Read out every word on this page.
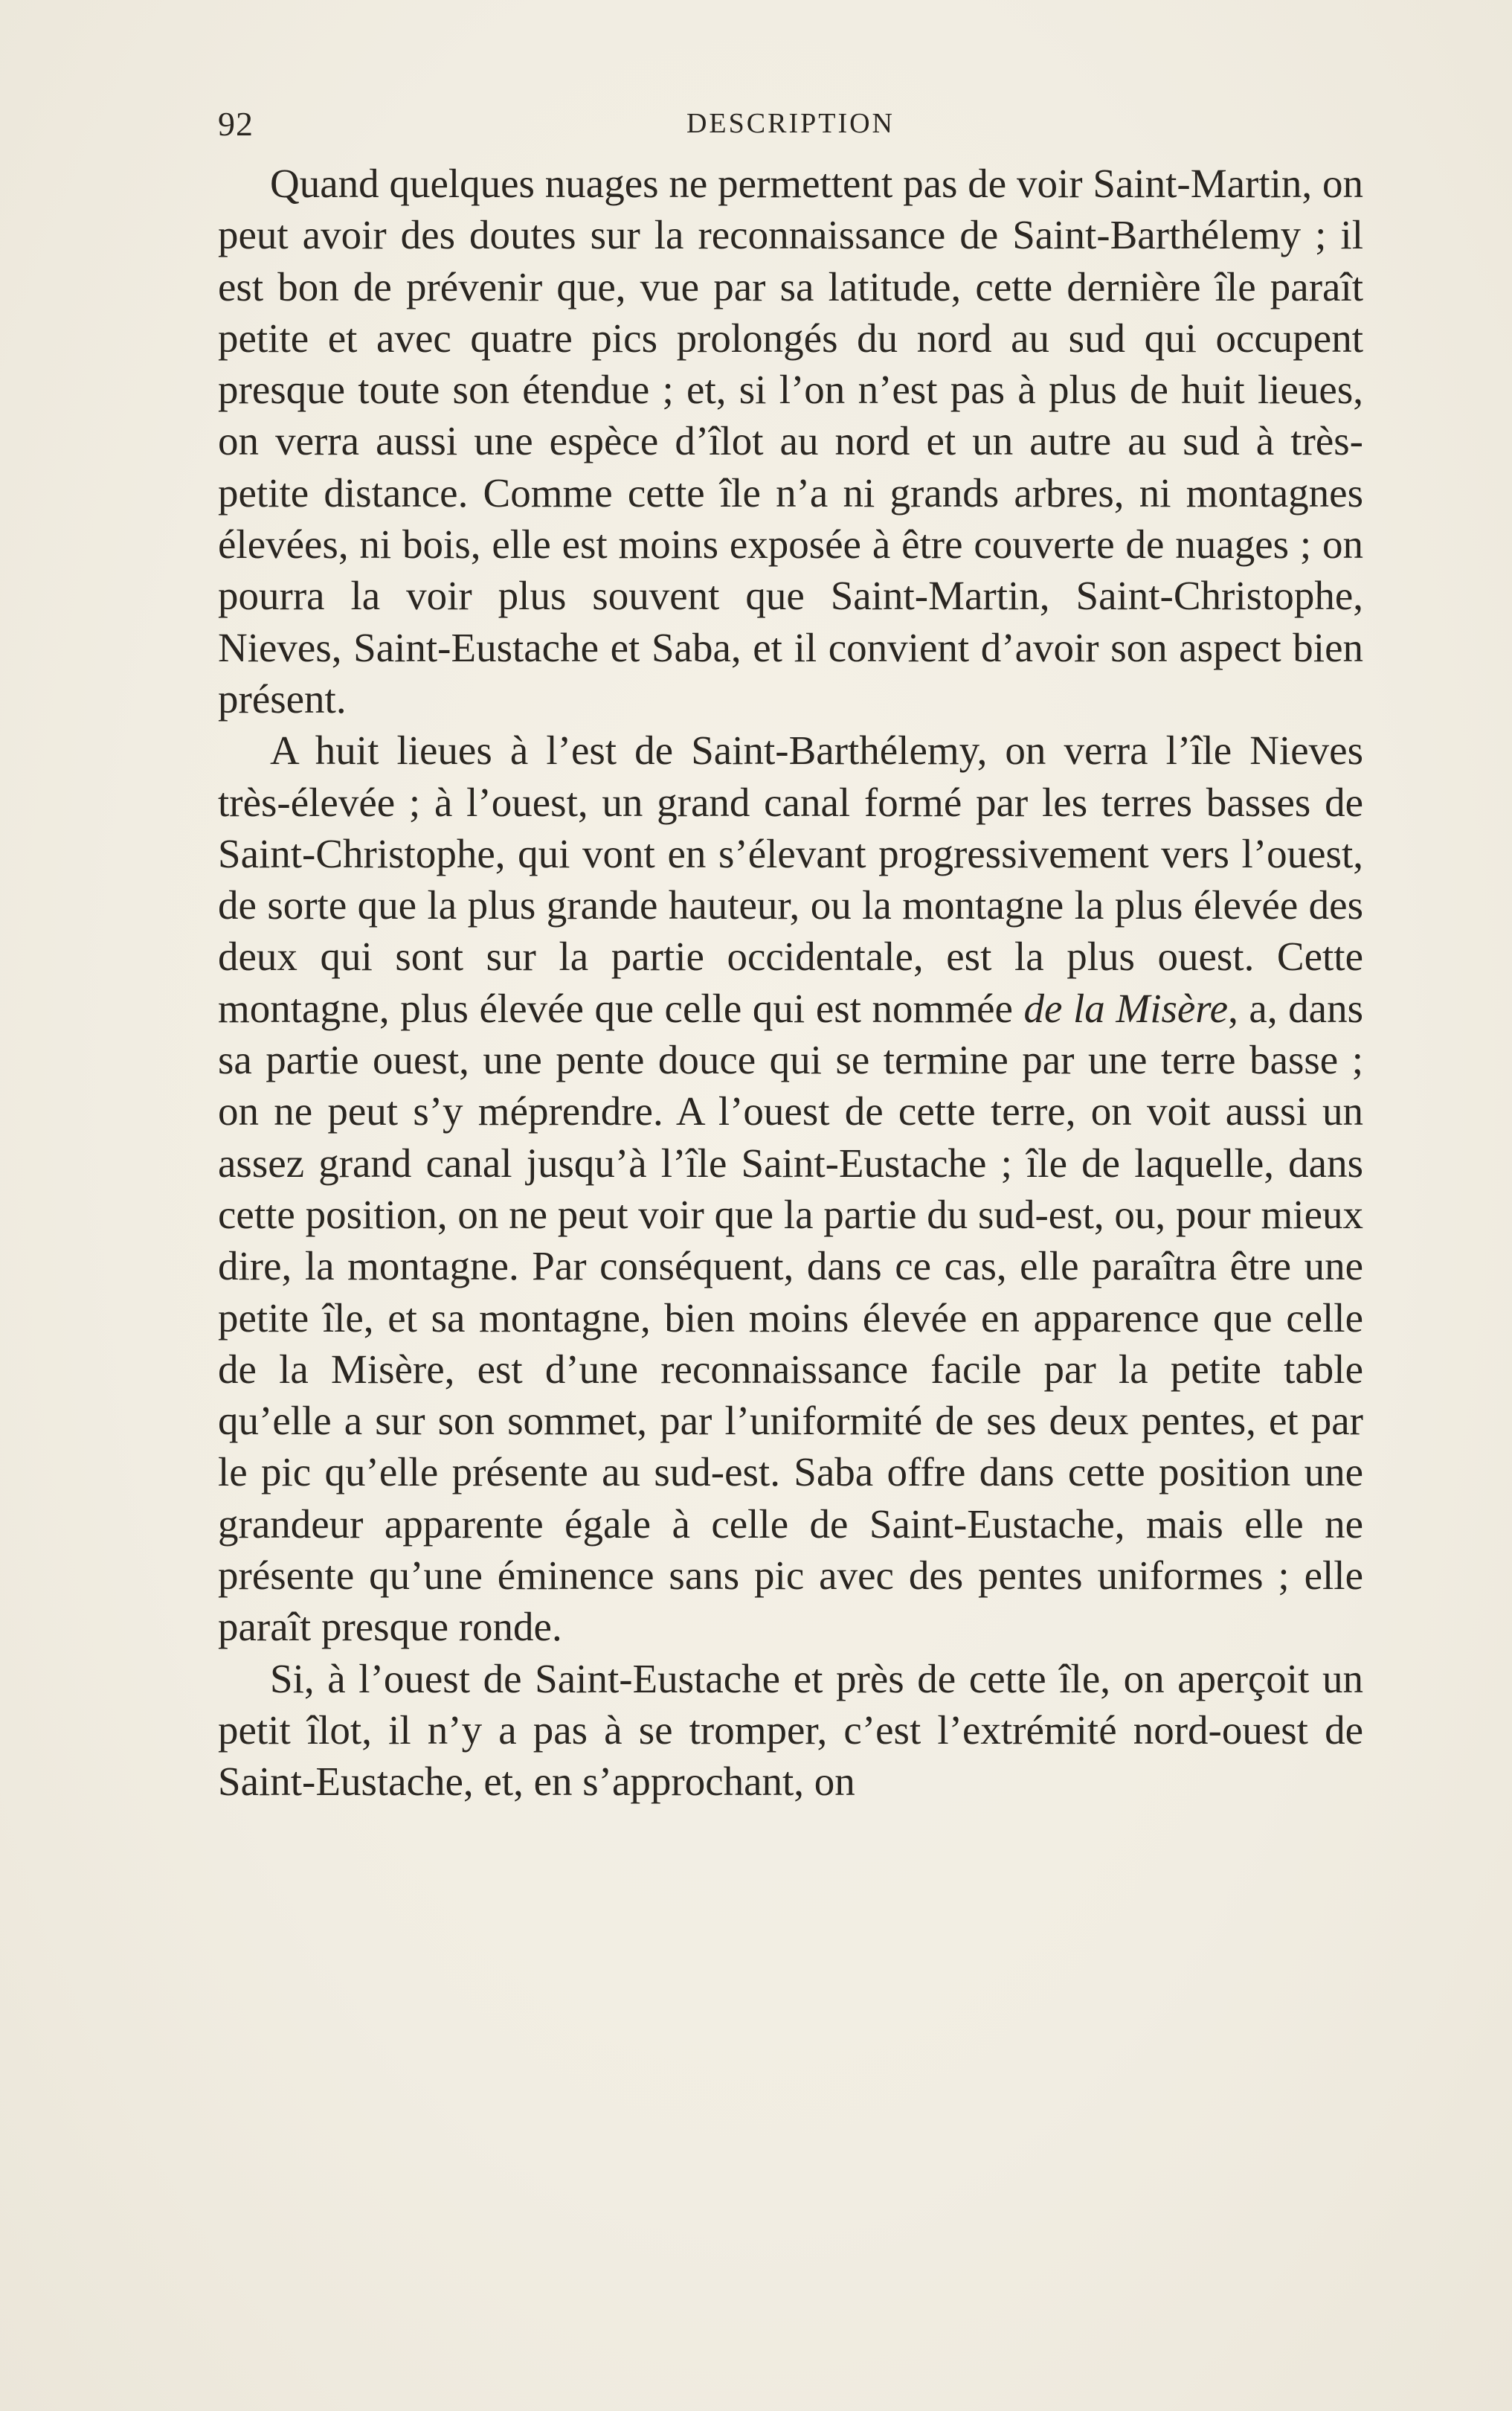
92	DESCRIPTION

Quand quelques nuages ne permettent pas de voir Saint-Martin, on peut avoir des doutes sur la reconnaissance de Saint-Barthélemy ; il est bon de prévenir que, vue par sa latitude, cette dernière île paraît petite et avec quatre pics prolongés du nord au sud qui occupent presque toute son étendue ; et, si l’on n’est pas à plus de huit lieues, on verra aussi une espèce d’îlot au nord et un autre au sud à très-petite distance. Comme cette île n’a ni grands arbres, ni montagnes élevées, ni bois, elle est moins exposée à être couverte de nuages ; on pourra la voir plus souvent que Saint-Martin, Saint-Christophe, Nieves, Saint-Eustache et Saba, et il convient d’avoir son aspect bien présent.

A huit lieues à l’est de Saint-Barthélemy, on verra l’île Nieves très-élevée ; à l’ouest, un grand canal formé par les terres basses de Saint-Christophe, qui vont en s’élevant progressivement vers l’ouest, de sorte que la plus grande hauteur, ou la montagne la plus élevée des deux qui sont sur la partie occidentale, est la plus ouest. Cette montagne, plus élevée que celle qui est nommée de la Misère, a, dans sa partie ouest, une pente douce qui se termine par une terre basse ; on ne peut s’y méprendre. A l’ouest de cette terre, on voit aussi un assez grand canal jusqu’à l’île Saint-Eustache ; île de laquelle, dans cette position, on ne peut voir que la partie du sud-est, ou, pour mieux dire, la montagne. Par conséquent, dans ce cas, elle paraîtra être une petite île, et sa montagne, bien moins élevée en apparence que celle de la Misère, est d’une reconnaissance facile par la petite table qu’elle a sur son sommet, par l’uniformité de ses deux pentes, et par le pic qu’elle présente au sud-est. Saba offre dans cette position une grandeur apparente égale à celle de Saint-Eustache, mais elle ne présente qu’une éminence sans pic avec des pentes uniformes ; elle paraît presque ronde.

Si, à l’ouest de Saint-Eustache et près de cette île, on aperçoit un petit îlot, il n’y a pas à se tromper, c’est l’extrémité nord-ouest de Saint-Eustache, et, en s’approchant, on
